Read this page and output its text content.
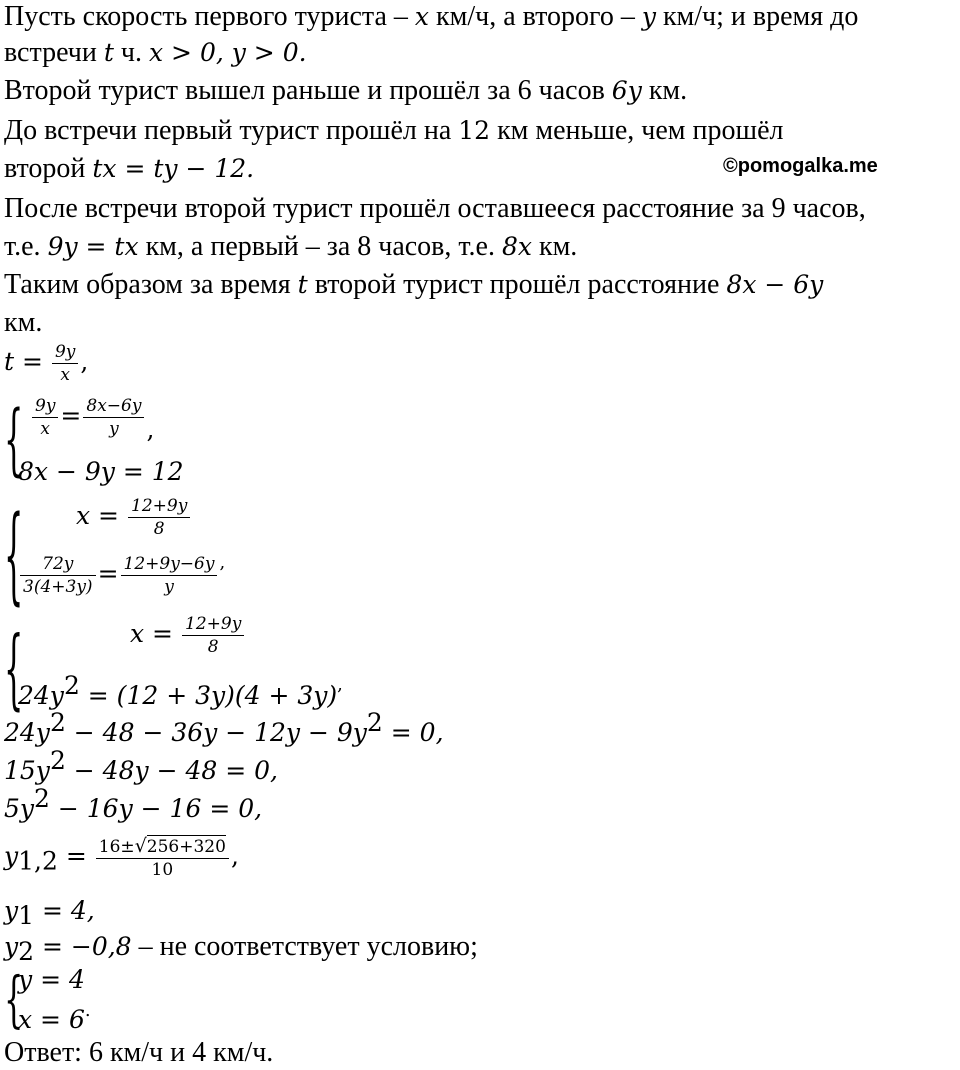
©pomogalka.me
Пусть скорость первого туриста – x км/ч, а второго – y км/ч; и время до
встречи t ч. x > 0, y > 0.
Второй турист вышел раньше и прошёл за 6 часов 6y км.
До встречи первый турист прошёл на 12 км меньше, чем прошёл
второй tx = ty − 12.
После встречи второй турист прошёл оставшееся расстояние за 9 часов,
т.е. 9y = tx км, а первый – за 8 часов, т.е. 8x км.
Таким образом за время t второй турист прошёл расстояние 8x − 6y
км.
$t = \frac{9y}{x}$ ,
{ $\frac{9y}{x} = \frac{8x-6y}{y}$ ,
8x − 9y = 12
{ $x = \frac{12+9y}{8}$
$\frac{72y}{3(4+3y)} = \frac{12+9y-6y}{y} ^,$
{	$x = \frac{12+9y}{8}$
$24y^2 = (12 + 3y)(4 + 3y)^,$
$24y^2 - 48 - 36y - 12y - 9y^2 = 0$,
$15y^2 - 48y - 48 = 0$,
$5y^2 - 16y - 16 = 0$,
$y_{1,2} = \frac{16\pm√256+320}{10}$ ,
$y_1 = 4$,
$y_2 = -0,8$ – не соответствует условию;
{
y = 4
x = 6.
Ответ: 6 км/ч и 4 км/ч.
